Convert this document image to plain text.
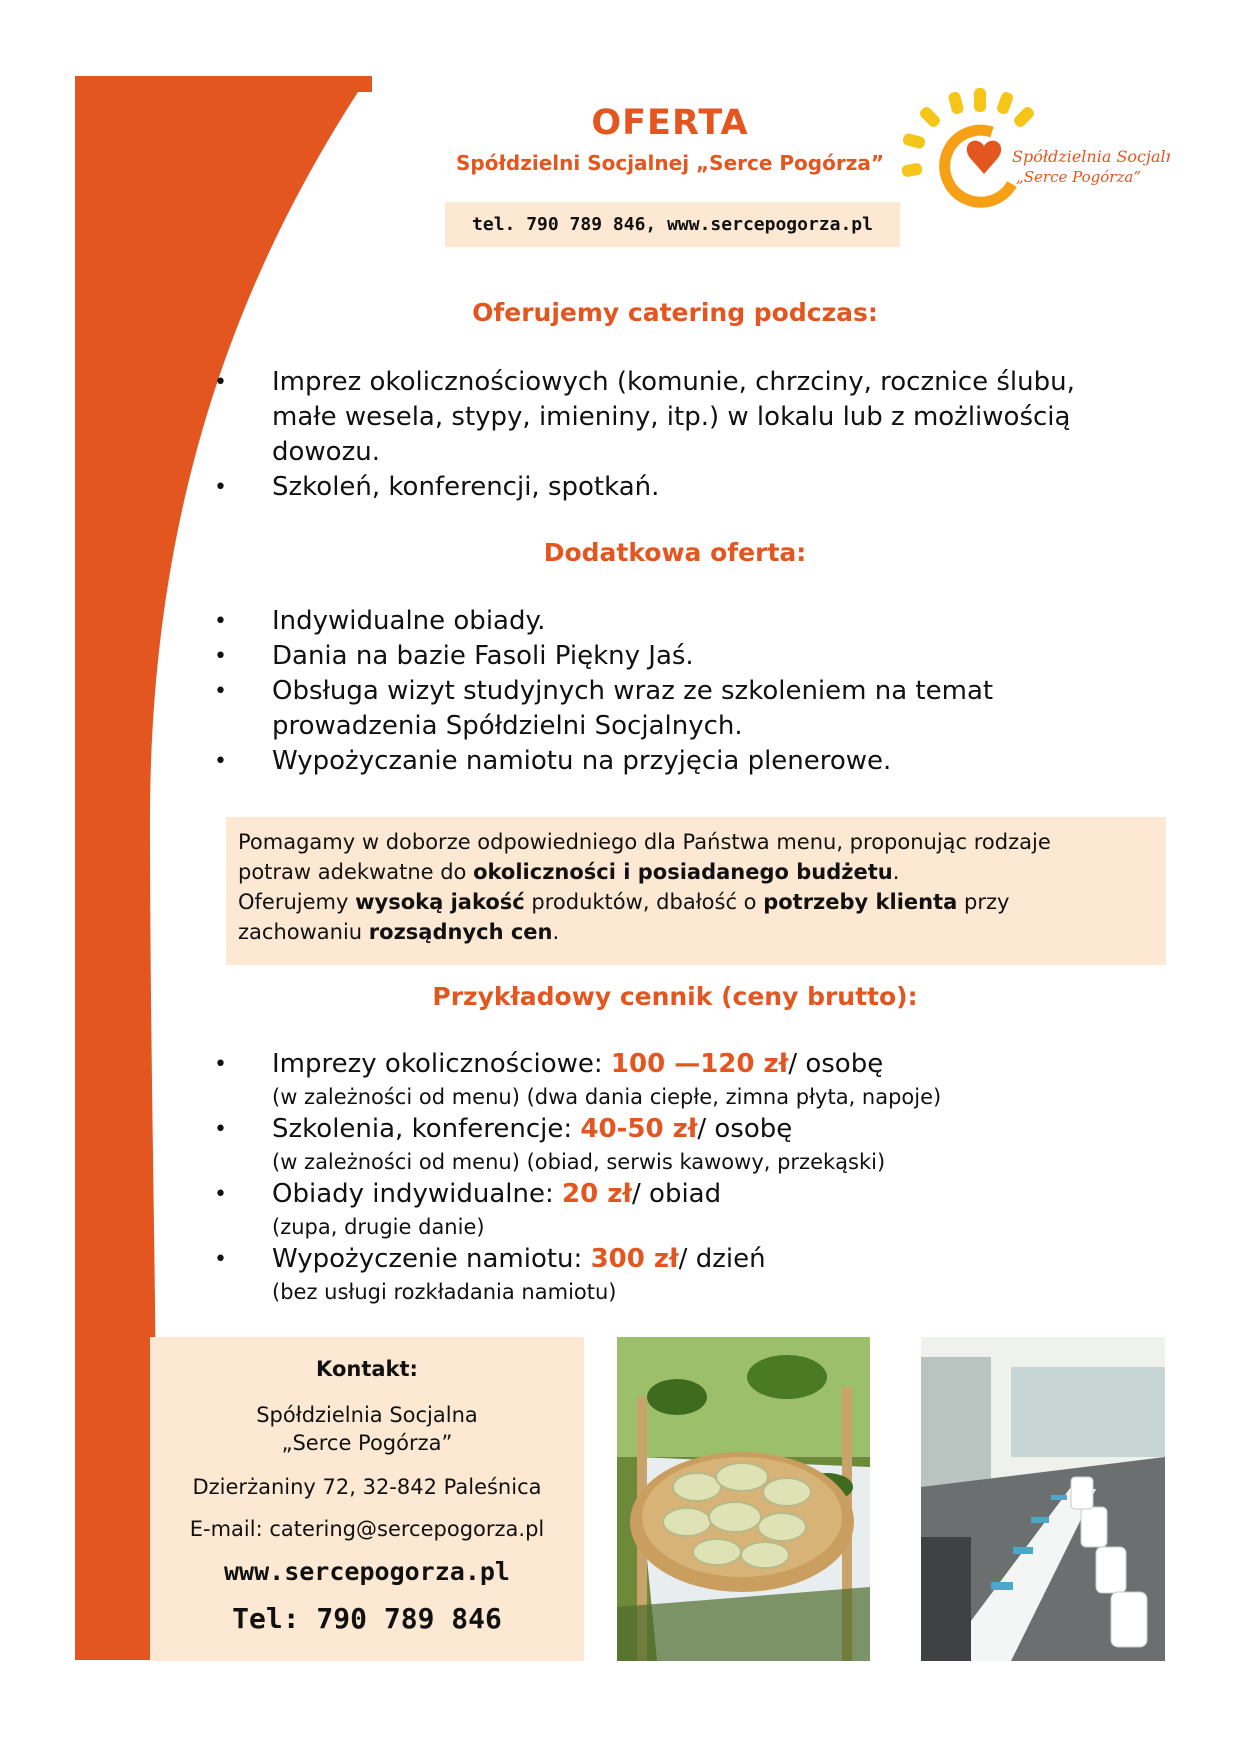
OFERTA
Spółdzielni Socjalnej „Serce Pogórza”
tel. 790 789 846, www.sercepogorza.pl
Spółdzielnia Socjalna
„Serce Pogórza”
Oferujemy catering podczas:
• Imprez okolicznościowych (komunie, chrzciny, rocznice ślubu,
małe wesela, stypy, imieniny, itp.) w lokalu lub z możliwością
dowozu.
• Szkoleń, konferencji, spotkań.
Dodatkowa oferta:
• Indywidualne obiady.
• Dania na bazie Fasoli Piękny Jaś.
• Obsługa wizyt studyjnych wraz ze szkoleniem na temat
prowadzenia Spółdzielni Socjalnych.
• Wypożyczanie namiotu na przyjęcia plenerowe.
Pomagamy w doborze odpowiedniego dla Państwa menu, proponując rodzaje
potraw adekwatne do okoliczności i posiadanego budżetu.
Oferujemy wysoką jakość produktów, dbałość o potrzeby klienta przy
zachowaniu rozsądnych cen.
Przykładowy cennik (ceny brutto):
• Imprezy okolicznościowe: 100 —120 zł/ osobę
(w zależności od menu) (dwa dania ciepłe, zimna płyta, napoje)
• Szkolenia, konferencje: 40-50 zł/ osobę
(w zależności od menu) (obiad, serwis kawowy, przekąski)
• Obiady indywidualne: 20 zł/ obiad
(zupa, drugie danie)
• Wypożyczenie namiotu: 300 zł/ dzień
(bez usługi rozkładania namiotu)
Kontakt:
Spółdzielnia Socjalna
„Serce Pogórza”
Dzierżaniny 72, 32-842 Paleśnica
E-mail: catering@sercepogorza.pl
www.sercepogorza.pl
Tel: 790 789 846
